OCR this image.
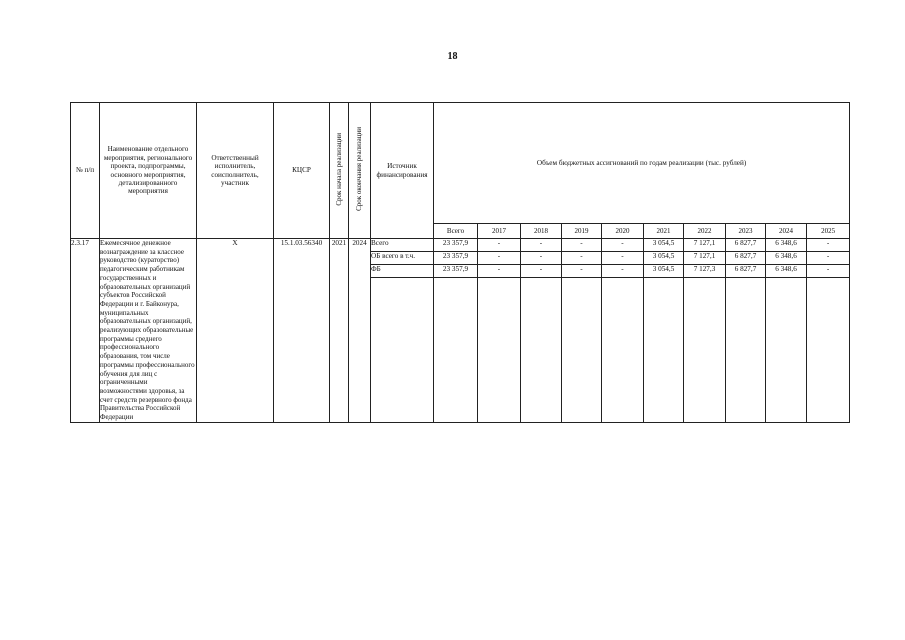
18
№ п/п	Наименование отдельного мероприятия, регионального проекта, подпрограммы, основного мероприятия, детализированного мероприятия	Ответственный исполнитель, соисполнитель, участник	КЦСР	Срок начала реализации	Срок окончания реализации	Источник финансирования	Объем бюджетных ассигнований по годам реализации (тыс. рублей)									
							Всего	2017	2018	2019	2020	2021	2022	2023	2024	2025
2.3.17	Ежемесячное денежное вознаграждение за классное руководство (кураторство) педагогическим работникам государственных и образовательных организаций субъектов Российской Федерации и г. Байконура, муниципальных образовательных организаций, реализующих образовательные программы среднего профессионального образования, том числе программы профессионального обучения для лиц с ограниченными возможностями здоровья, за счет средств резервного фонда Правительства Российской Федерации	Х	15.1.03.56340	2021	2024	Всего	23 357,9	-	-	-	-	3 054,5	7 127,1	6 827,7	6 348,6	-
						ОБ всего в т.ч.	23 357,9	-	-	-	-	3 054,5	7 127,1	6 827,7	6 348,6	-
						ФБ	23 357,9	-	-	-	-	3 054,5	7 127,3	6 827,7	6 348,6	-
